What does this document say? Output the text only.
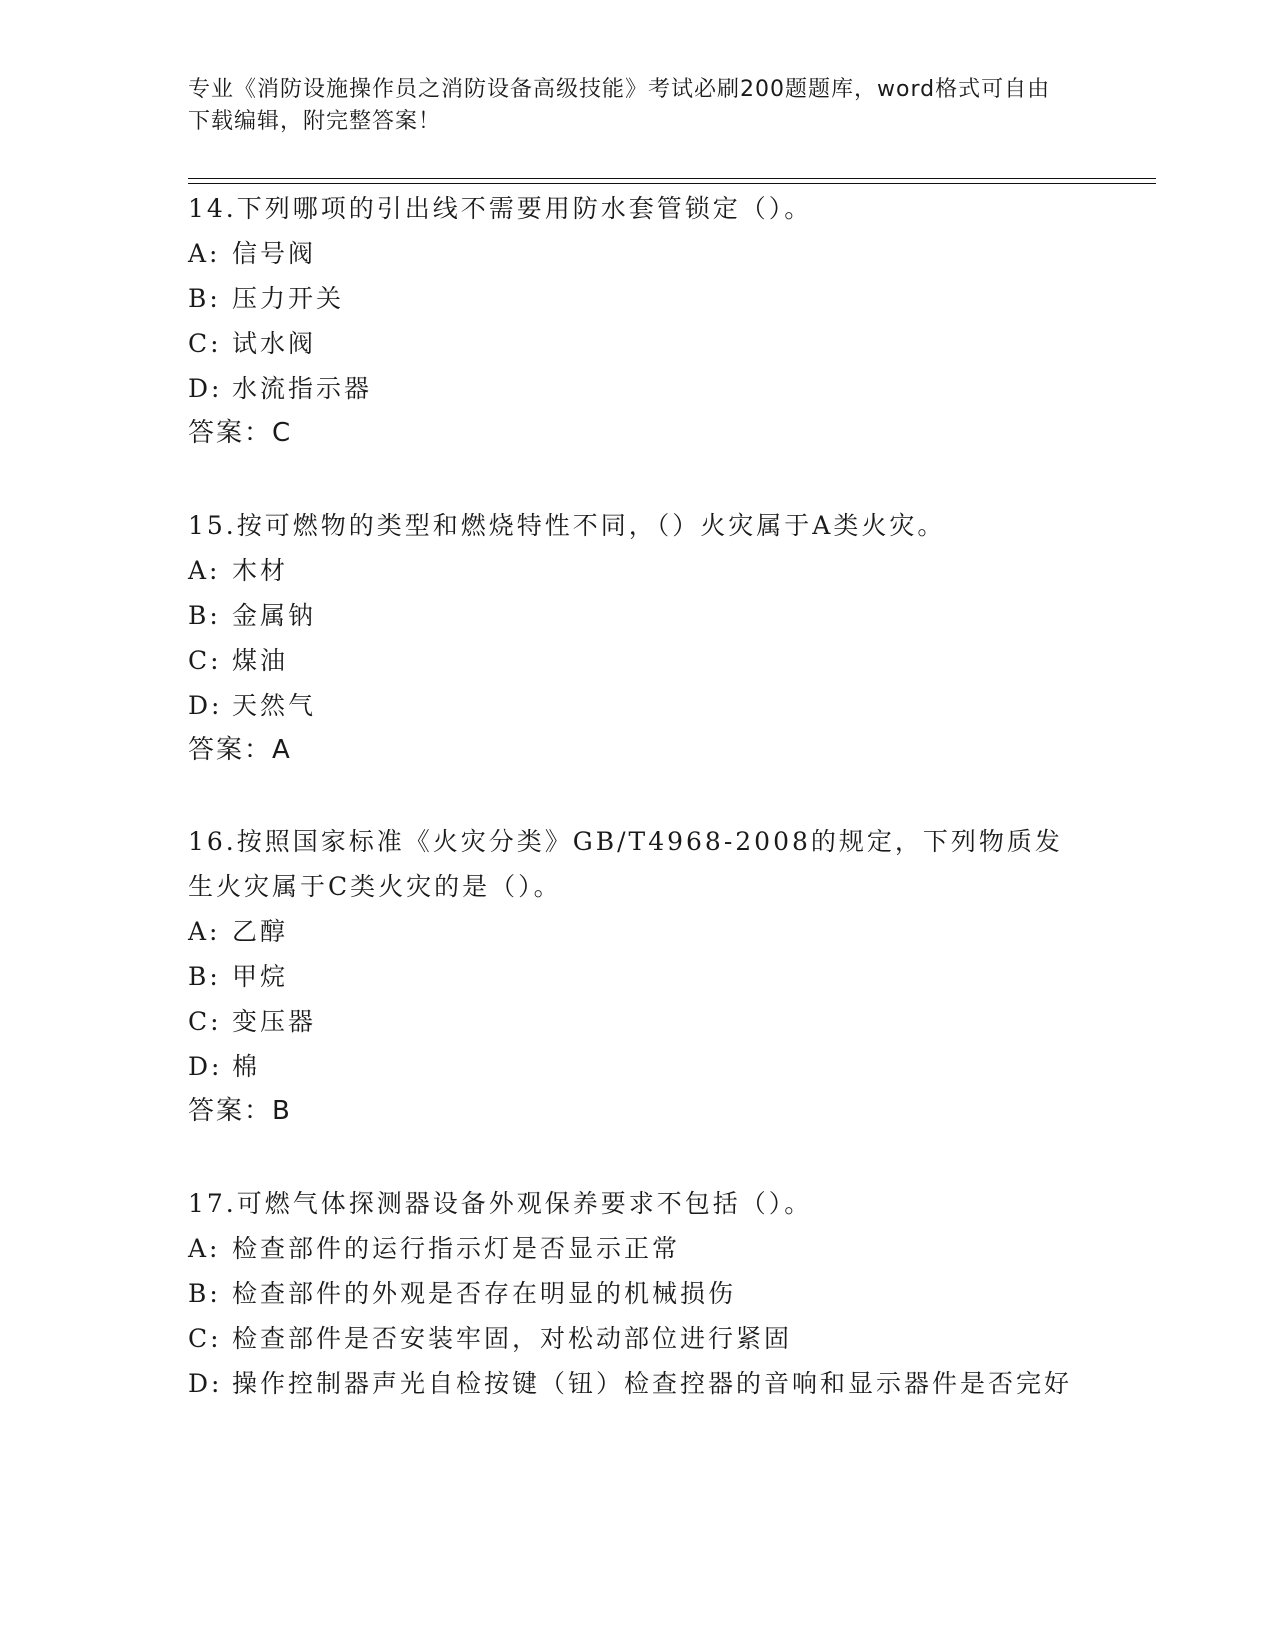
专业《消防设施操作员之消防设备高级技能》考试必刷200题题库，word格式可自由下载编辑，附完整答案！

14.下列哪项的引出线不需要用防水套管锁定（）。

A: 信号阀

B: 压力开关

C: 试水阀

D: 水流指示器

答案：C

15.按可燃物的类型和燃烧特性不同，（）火灾属于A类火灾。

A: 木材

B: 金属钠

C: 煤油

D: 天然气

答案：A

16.按照国家标准《火灾分类》GB/T4968-2008的规定，下列物质发生火灾属于C类火灾的是（）。

A: 乙醇

B: 甲烷

C: 变压器

D: 棉

答案：B

17.可燃气体探测器设备外观保养要求不包括（）。

A: 检查部件的运行指示灯是否显示正常

B: 检查部件的外观是否存在明显的机械损伤

C: 检查部件是否安装牢固，对松动部位进行紧固

D: 操作控制器声光自检按键（钮）检查控器的音响和显示器件是否完好
